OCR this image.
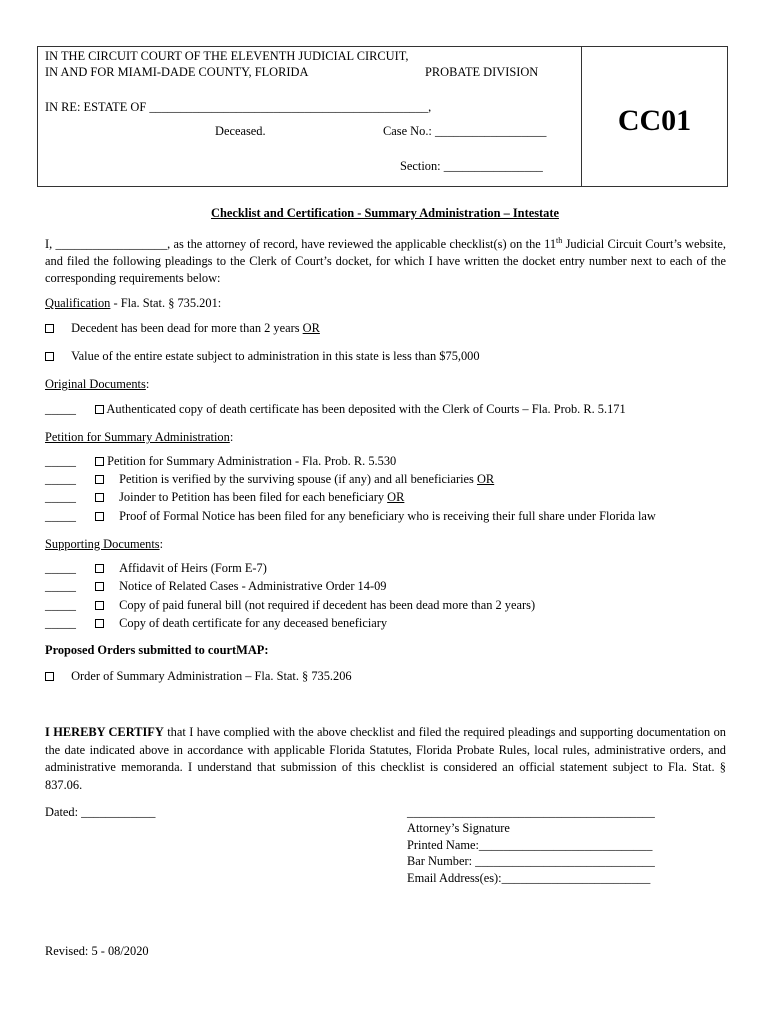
CC01
IN THE CIRCUIT COURT OF THE ELEVENTH JUDICIAL CIRCUIT,
IN AND FOR MIAMI-DADE COUNTY, FLORIDA	PROBATE DIVISION
IN RE: ESTATE OF _____________________________________________,
Deceased.	Case No.: __________________
Section: ________________
Checklist and Certification - Summary Administration – Intestate
I, __________________, as the attorney of record, have reviewed the applicable checklist(s) on the 11th Judicial Circuit Court’s website, and filed the following pleadings to the Clerk of Court’s docket, for which I have written the docket entry number next to each of the corresponding requirements below:
Qualification - Fla. Stat. § 735.201:
Decedent has been dead for more than 2 years OR
Value of the entire estate subject to administration in this state is less than $75,000
Original Documents:
_____ Authenticated copy of death certificate has been deposited with the Clerk of Courts – Fla. Prob. R. 5.171
Petition for Summary Administration:
_____	Petition for Summary Administration - Fla. Prob. R. 5.530
_____	Petition is verified by the surviving spouse (if any) and all beneficiaries OR
_____	Joinder to Petition has been filed for each beneficiary OR
_____	Proof of Formal Notice has been filed for any beneficiary who is receiving their full share under Florida law
Supporting Documents:
_____	Affidavit of Heirs (Form E-7)
_____	Notice of Related Cases - Administrative Order 14-09
_____	Copy of paid funeral bill (not required if decedent has been dead more than 2 years)
_____	Copy of death certificate for any deceased beneficiary
Proposed Orders submitted to courtMAP:
Order of Summary Administration – Fla. Stat. § 735.206
I HEREBY CERTIFY that I have complied with the above checklist and filed the required pleadings and supporting documentation on the date indicated above in accordance with applicable Florida Statutes, Florida Probate Rules, local rules, administrative orders, and administrative memoranda. I understand that submission of this checklist is considered an official statement subject to Fla. Stat. § 837.06.
Dated: ____________	________________________________________
Attorney’s Signature
Printed Name:____________________________
Bar Number: _____________________________
Email Address(es):________________________
Revised: 5 - 08/2020
